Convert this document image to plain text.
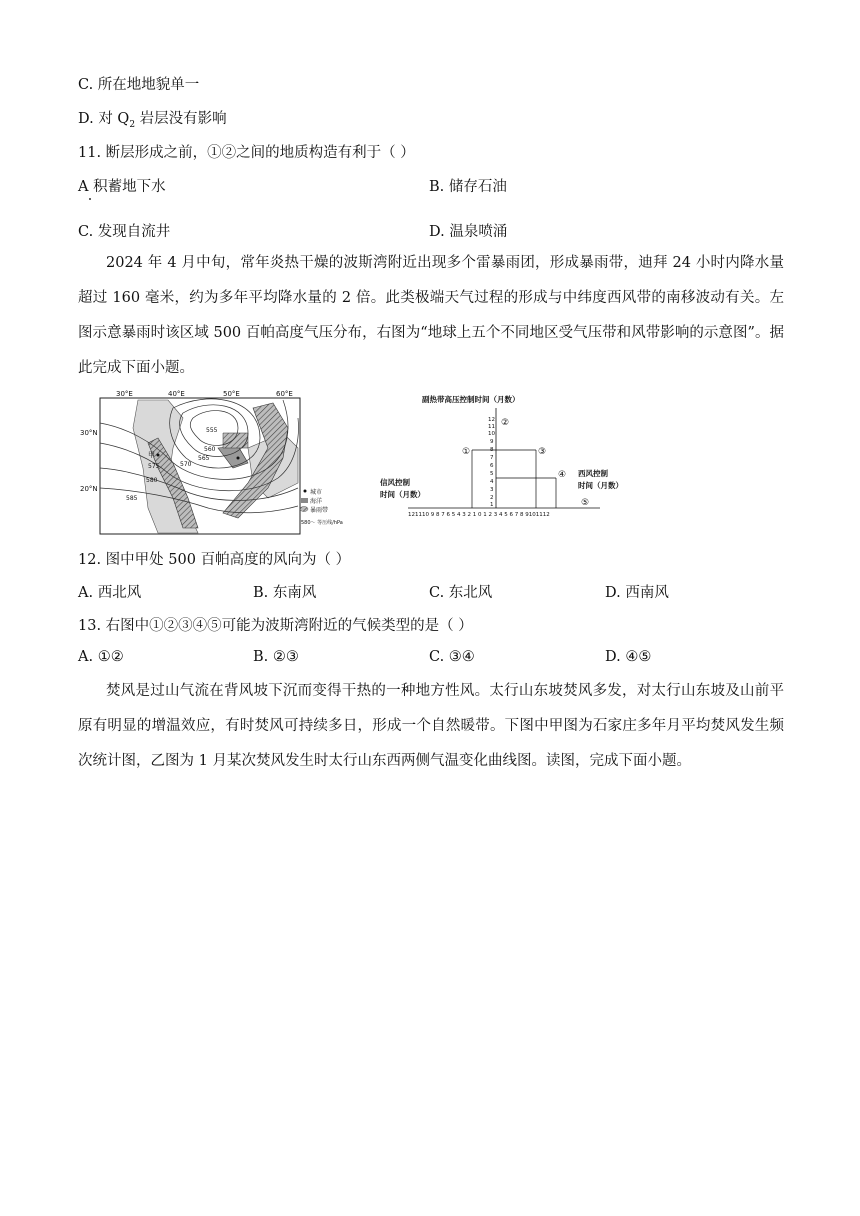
C. 所在地地貌单一
D. 对 $Q_2$ 岩层没有影响
11. 断层形成之前，①②之间的地质构造有利于（ ）
A 积蓄地下水	B. 储存石油
C. 发现自流井	D. 温泉喷涌
2024 年 4 月中旬，常年炎热干燥的波斯湾附近出现多个雷暴雨团，形成暴雨带，迪拜 24 小时内降水量超过 160 毫米，约为多年平均降水量的 2 倍。此类极端天气过程的形成与中纬度西风带的南移波动有关。左图示意暴雨时该区域 500 百帕高度气压分布，右图为“地球上五个不同地区受气压带和风带影响的示意图”。据此完成下面小题。
30°E	40°E	50°E	60°E
30°N
20°N
555
560
565
570
575
580
585
甲
城市
海洋
暴雨带
580～ 等压线/hPa
副热带高压控制时间（月数）
12
11
10
9
8
7
6
5
4
3
2
1
121110 9 8 7 6 5 4 3 2 1 0 1 2 3 4 5 6 7 8 9101112
①
②
③
④
⑤
信风控制
时间（月数）
西风控制
时间（月数）
12. 图中甲处 500 百帕高度的风向为（ ）
A. 西北风	B. 东南风	C. 东北风	D. 西南风
13. 右图中①②③④⑤可能为波斯湾附近的气候类型的是（ ）
A. ①②	B. ②③	C. ③④	D. ④⑤
焚风是过山气流在背风坡下沉而变得干热的一种地方性风。太行山东坡焚风多发，对太行山东坡及山前平原有明显的增温效应，有时焚风可持续多日，形成一个自然暖带。下图中甲图为石家庄多年月平均焚风发生频次统计图，乙图为 1 月某次焚风发生时太行山东西两侧气温变化曲线图。读图，完成下面小题。
